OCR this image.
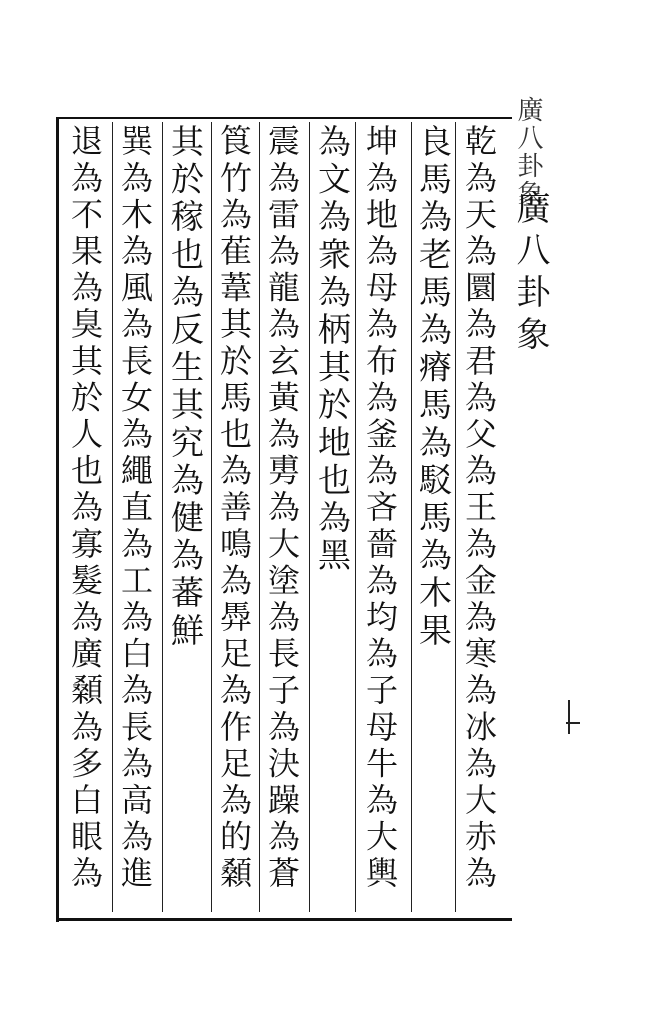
廣八卦象
廣八卦象
乾為天為圜為君為父為王為金為寒為冰為大赤為
良馬為老馬為瘠馬為駁馬為木果
坤為地為母為布為釜為吝嗇為均為子母牛為大輿
為文為衆為柄其於地也為黑
震為雷為龍為玄黃為旉為大塗為長子為決躁為蒼
筤竹為萑葦其於馬也為善鳴為馵足為作足為的顙
其於稼也為反生其究為健為蕃鮮
巽為木為風為長女為繩直為工為白為長為高為進
退為不果為臭其於人也為寡髮為廣顙為多白眼為
